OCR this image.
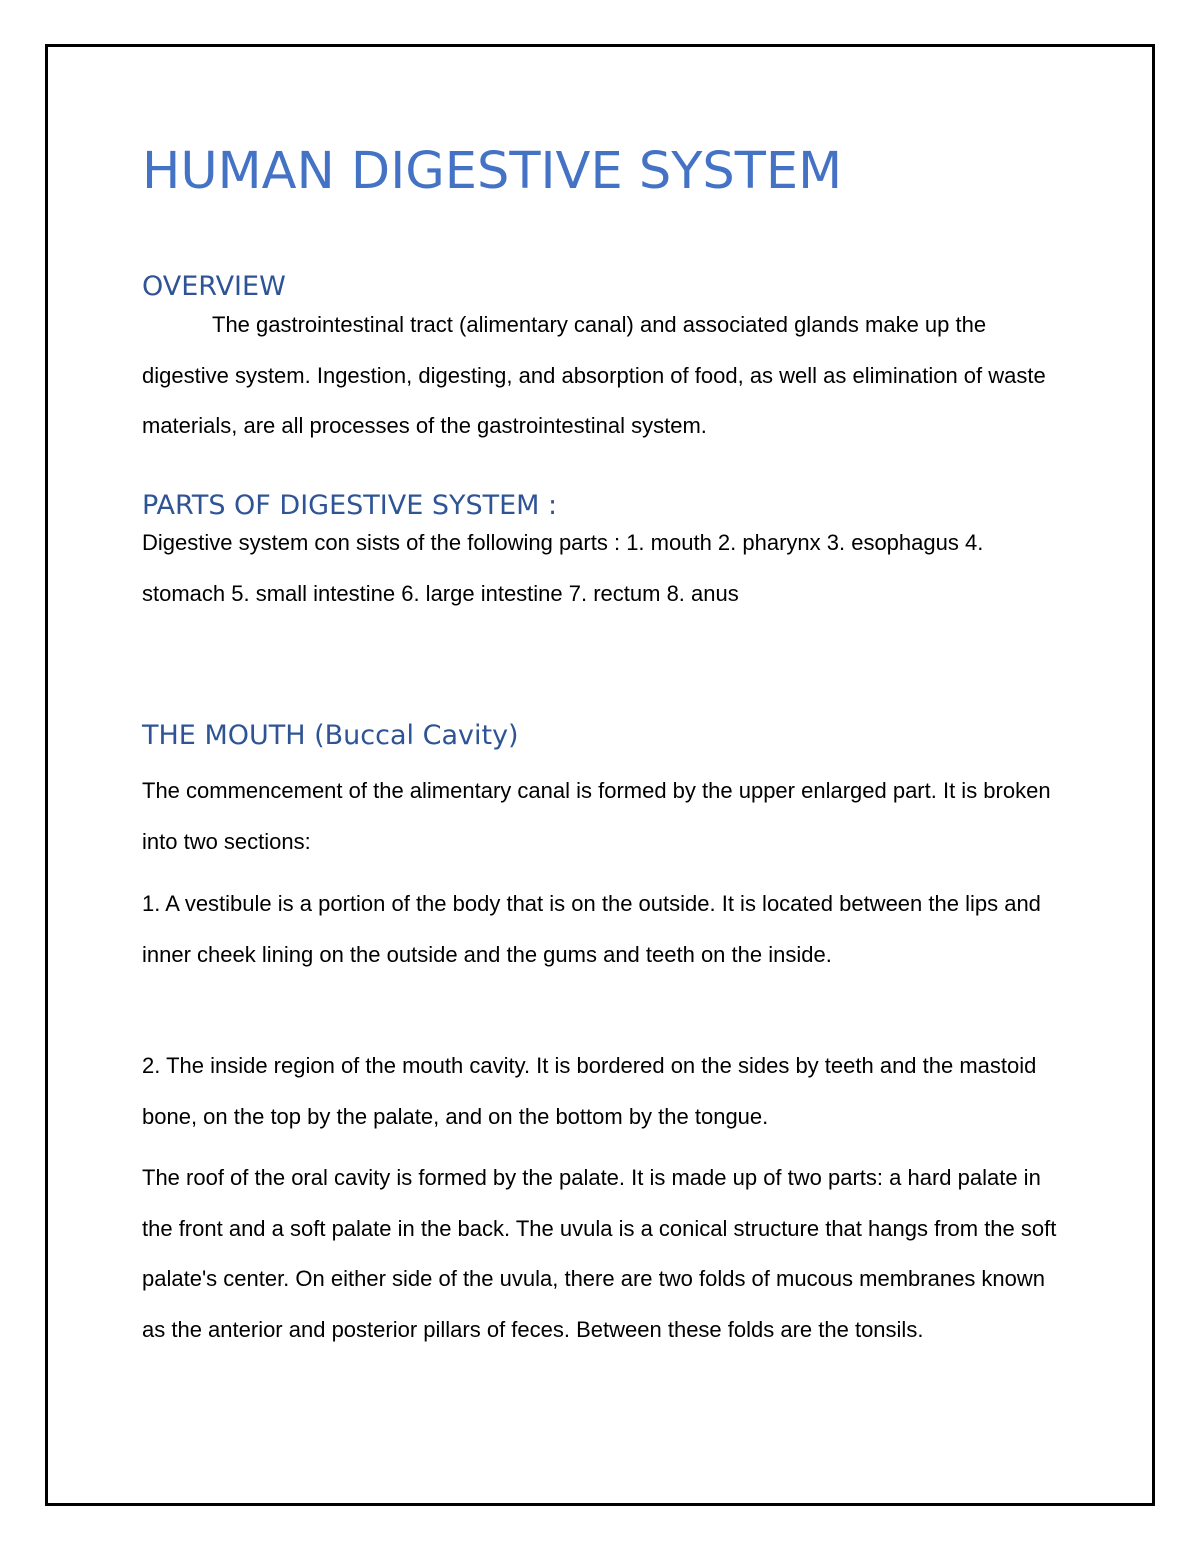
HUMAN DIGESTIVE SYSTEM
OVERVIEW

The gastrointestinal tract (alimentary canal) and associated glands make up the digestive system. Ingestion, digesting, and absorption of food, as well as elimination of waste materials, are all processes of the gastrointestinal system.

PARTS OF DIGESTIVE SYSTEM :

Digestive system con sists of the following parts : 1. mouth 2. pharynx 3. esophagus 4. stomach 5. small intestine 6. large intestine 7. rectum 8. anus

THE MOUTH (Buccal Cavity)

The commencement of the alimentary canal is formed by the upper enlarged part. It is broken into two sections:

1. A vestibule is a portion of the body that is on the outside. It is located between the lips and inner cheek lining on the outside and the gums and teeth on the inside.

2. The inside region of the mouth cavity. It is bordered on the sides by teeth and the mastoid bone, on the top by the palate, and on the bottom by the tongue.

The roof of the oral cavity is formed by the palate. It is made up of two parts: a hard palate in the front and a soft palate in the back. The uvula is a conical structure that hangs from the soft palate's center. On either side of the uvula, there are two folds of mucous membranes known as the anterior and posterior pillars of feces. Between these folds are the tonsils.
